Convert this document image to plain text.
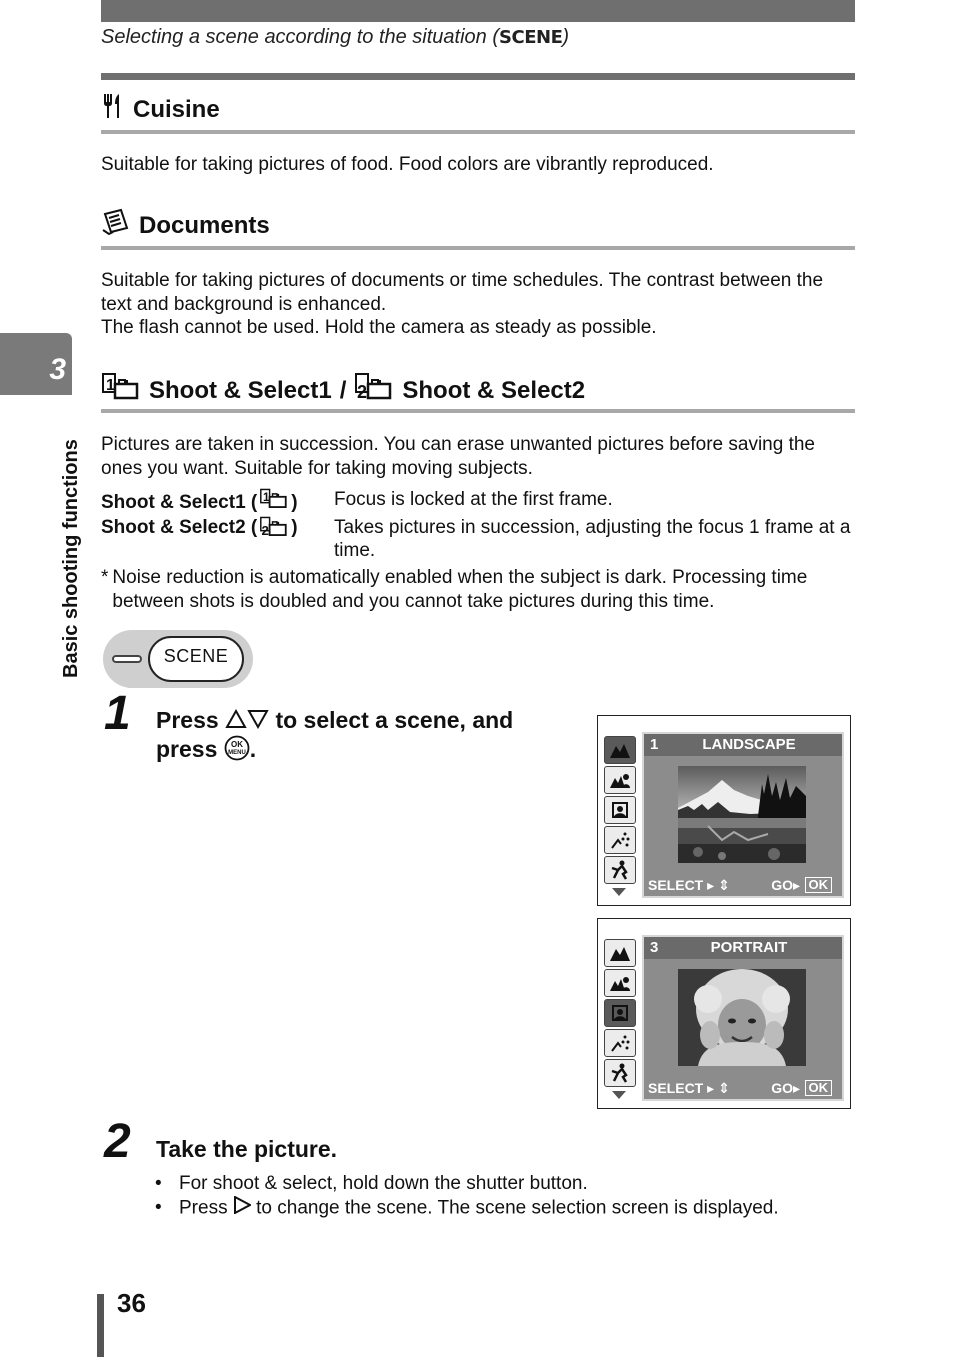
Selecting a scene according to the situation (SCENE)
Cuisine
Suitable for taking pictures of food. Food colors are vibrantly reproduced.
Documents
Suitable for taking pictures of documents or time schedules. The contrast between the text and background is enhanced.
The flash cannot be used. Hold the camera as steady as possible.
3
Basic shooting functions
1 Shoot & Select1 / 2 Shoot & Select2
Pictures are taken in succession. You can erase unwanted pictures before saving the ones you want. Suitable for taking moving subjects.
Shoot & Select1 ( 1 )	Focus is locked at the first frame.
Shoot & Select2 ( 2 )	Takes pictures in succession, adjusting the focus 1 frame at a time.
* Noise reduction is automatically enabled when the subject is dark. Processing time between shots is doubled and you cannot take pictures during this time.
SCENE
1 Press to select a scene, and
press OK
MENU .	1	LANDSCAPE
SELECT ▸ ⇕	GO▸ OK
3	PORTRAIT
SELECT ▸ ⇕	GO▸ OK
2 Take the picture.
• For shoot & select, hold down the shutter button.
• Press to change the scene. The scene selection screen is displayed.
36
